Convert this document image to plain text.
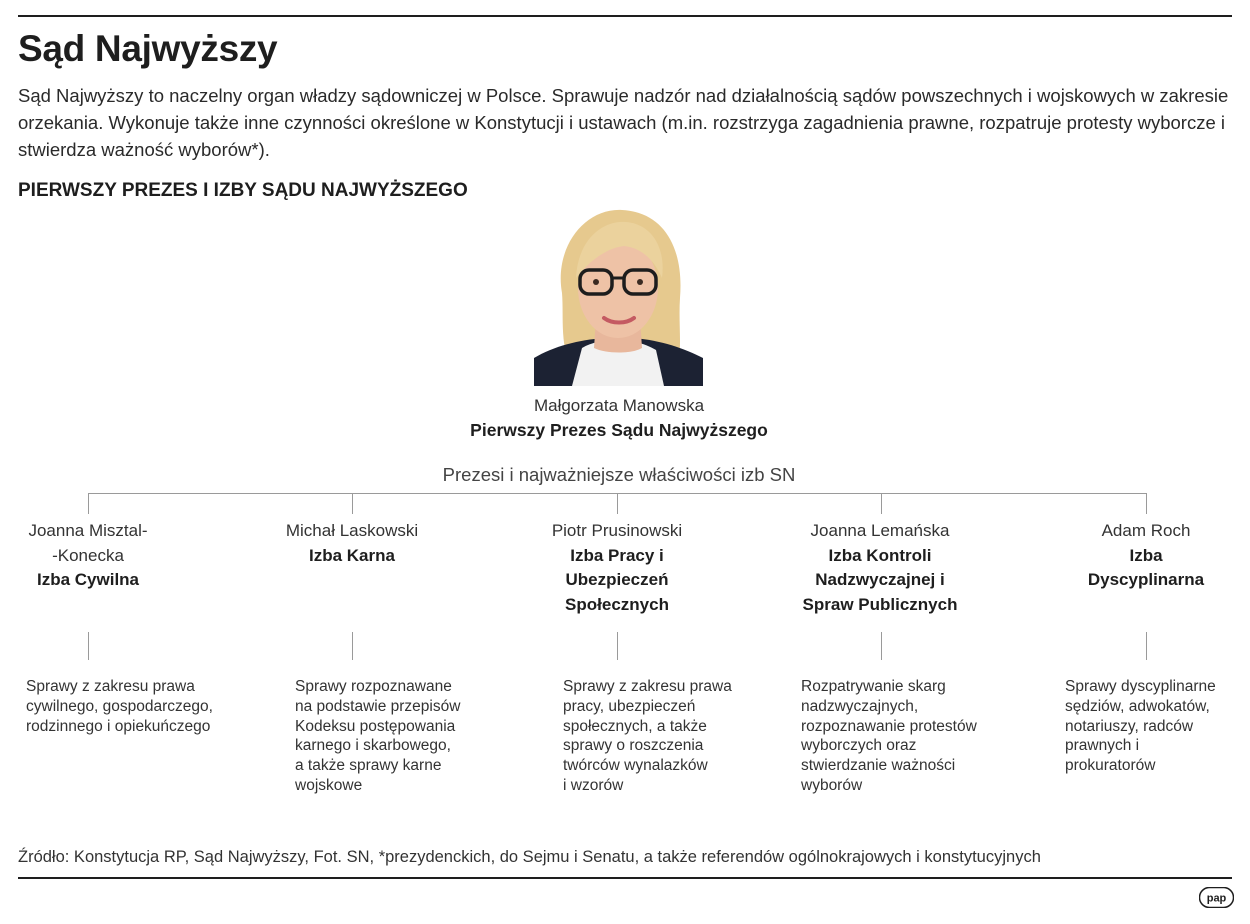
Sąd Najwyższy

Sąd Najwyższy to naczelny organ władzy sądowniczej w Polsce. Sprawuje nadzór nad działalnością sądów powszechnych i wojskowych w zakresie orzekania. Wykonuje także inne czynności określone w Konstytucji i ustawach (m.in. rozstrzyga zagadnienia prawne, rozpatruje protesty wyborcze i stwierdza ważność wyborów*).

PIERWSZY PREZES I IZBY SĄDU NAJWYŻSZEGO
Małgorzata Manowska
Pierwszy Prezes Sądu Najwyższego
Prezesi i najważniejsze właściwości izb SN
Joanna Misztal-
-Konecka
Izba Cywilna
Sprawy z zakresu prawa
cywilnego, gospodarczego,
rodzinnego i opiekuńczego
Michał Laskowski
Izba Karna
Sprawy rozpoznawane
na podstawie przepisów
Kodeksu postępowania
karnego i skarbowego,
a także sprawy karne
wojskowe
Piotr Prusinowski
Izba Pracy i
Ubezpieczeń
Społecznych
Sprawy z zakresu prawa
pracy, ubezpieczeń
społecznych, a także
sprawy o roszczenia
twórców wynalazków
i wzorów
Joanna Lemańska
Izba Kontroli
Nadzwyczajnej i
Spraw Publicznych
Rozpatrywanie skarg
nadzwyczajnych,
rozpoznawanie protestów
wyborczych oraz
stwierdzanie ważności
wyborów
Adam Roch
Izba
Dyscyplinarna
Sprawy dyscyplinarne
sędziów, adwokatów,
notariuszy, radców
prawnych i
prokuratorów
Źródło: Konstytucja RP, Sąd Najwyższy, Fot. SN, *prezydenckich, do Sejmu i Senatu, a także referendów ogólnokrajowych i konstytucyjnych
pap
